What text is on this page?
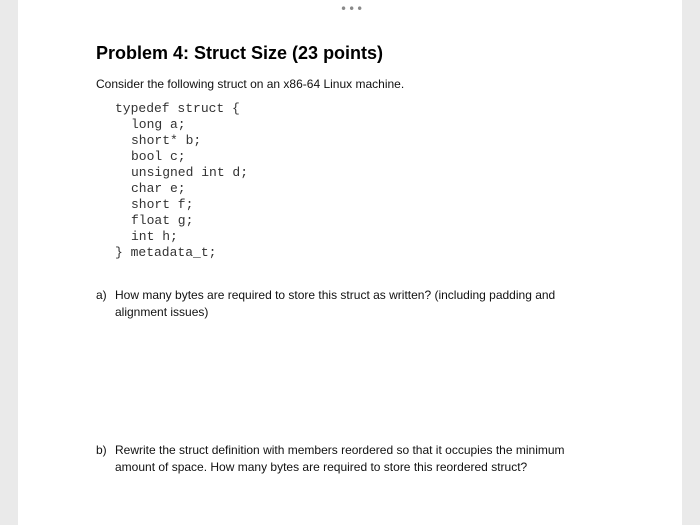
•••
Problem 4: Struct Size (23 points)

Consider the following struct on an x86-64 Linux machine.

typedef struct {
long a;
short* b;
bool c;
unsigned int d;
char e;
short f;
float g;
int h;
} metadata_t;
a) How many bytes are required to store this struct as written? (including padding and alignment issues)
b) Rewrite the struct definition with members reordered so that it occupies the minimum amount of space. How many bytes are required to store this reordered struct?
